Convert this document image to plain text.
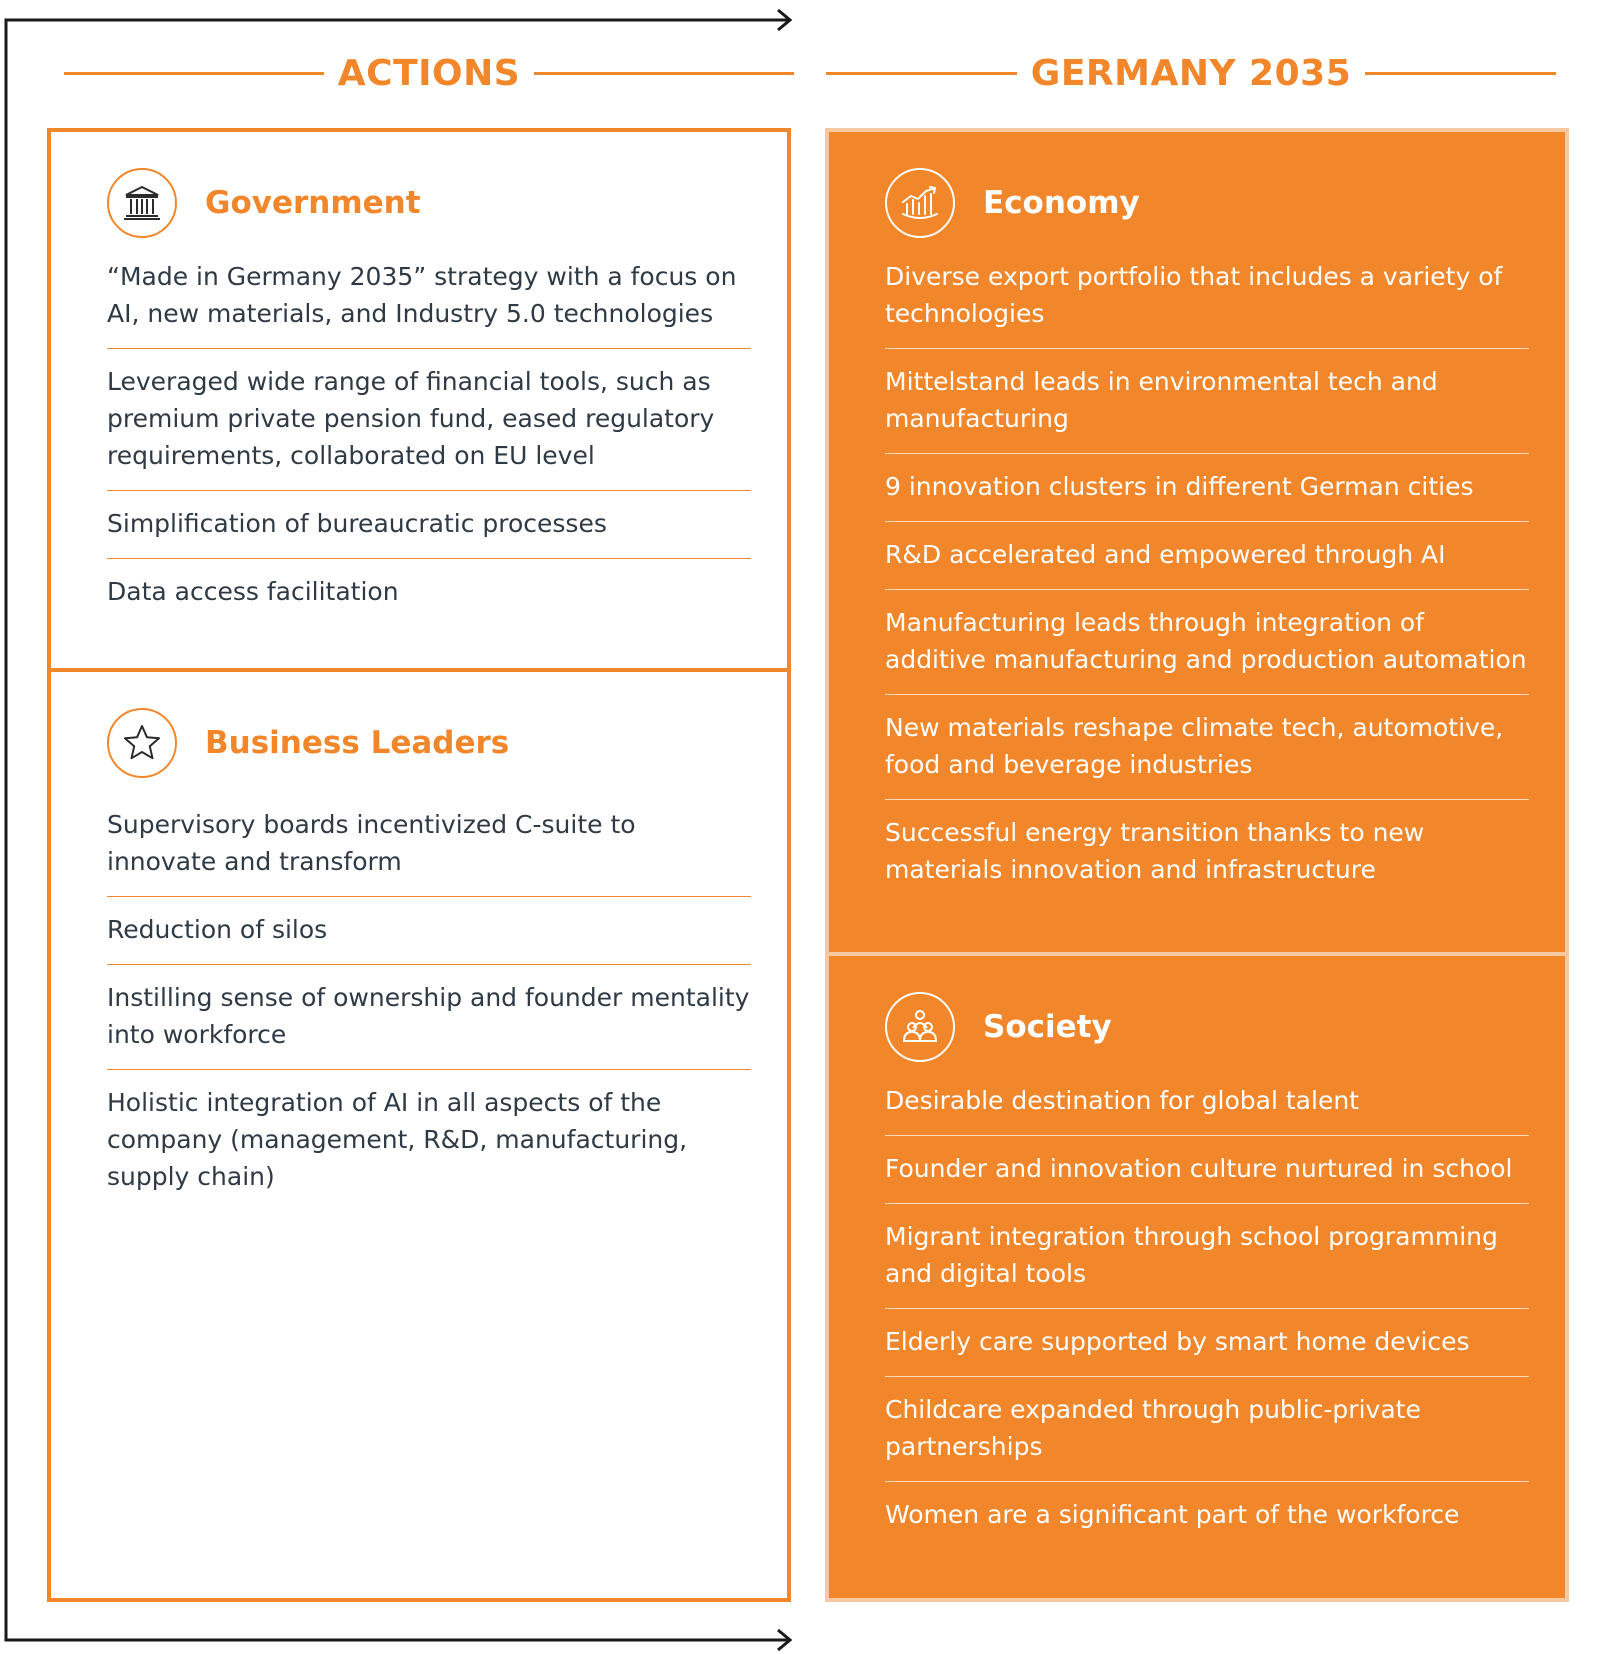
ACTIONS	GERMANY 2035
Government
“Made in Germany 2035” strategy with a focus on AI, new materials, and Industry 5.0 technologies
Leveraged wide range of financial tools, such as premium private pension fund, eased regulatory requirements, collaborated on EU level
Simplification of bureaucratic processes
Data access facilitation
Business Leaders
Supervisory boards incentivized C-suite to innovate and transform
Reduction of silos
Instilling sense of ownership and founder mentality into workforce
Holistic integration of AI in all aspects of the company (management, R&D, manufacturing, supply chain)
Economy
Diverse export portfolio that includes a variety of technologies
Mittelstand leads in environmental tech and manufacturing
9 innovation clusters in different German cities
R&D accelerated and empowered through AI
Manufacturing leads through integration of additive manufacturing and production automation
New materials reshape climate tech, automotive, food and beverage industries
Successful energy transition thanks to new materials innovation and infrastructure
Society
Desirable destination for global talent
Founder and innovation culture nurtured in school
Migrant integration through school programming and digital tools
Elderly care supported by smart home devices
Childcare expanded through public-private partnerships
Women are a significant part of the workforce
